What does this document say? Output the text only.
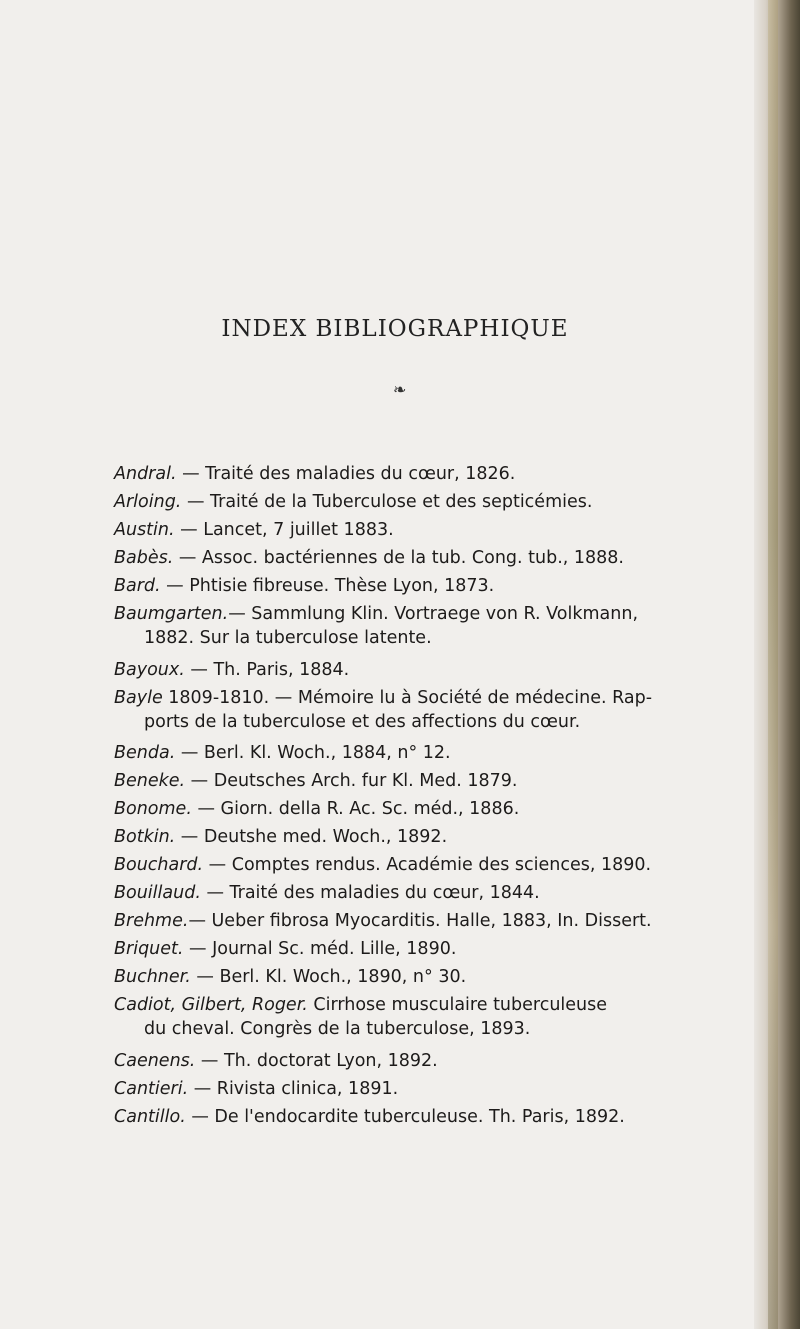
INDEX BIBLIOGRAPHIQUE
❧
Andral. — Traité des maladies du cœur, 1826.
Arloing. — Traité de la Tuberculose et des septicémies.
Austin. — Lancet, 7 juillet 1883.
Babès. — Assoc. bactériennes de la tub. Cong. tub., 1888.
Bard. — Phtisie fibreuse. Thèse Lyon, 1873.
Baumgarten.— Sammlung Klin. Vortraege von R. Volkmann,
1882. Sur la tuberculose latente.
Bayoux. — Th. Paris, 1884.
Bayle 1809-1810. — Mémoire lu à Société de médecine. Rap-
ports de la tuberculose et des affections du cœur.
Benda. — Berl. Kl. Woch., 1884, n° 12.
Beneke. — Deutsches Arch. fur Kl. Med. 1879.
Bonome. — Giorn. della R. Ac. Sc. méd., 1886.
Botkin. — Deutshe med. Woch., 1892.
Bouchard. — Comptes rendus. Académie des sciences, 1890.
Bouillaud. — Traité des maladies du cœur, 1844.
Brehme.— Ueber fibrosa Myocarditis. Halle, 1883, In. Dissert.
Briquet. — Journal Sc. méd. Lille, 1890.
Buchner. — Berl. Kl. Woch., 1890, n° 30.
Cadiot, Gilbert, Roger. Cirrhose musculaire tuberculeuse
du cheval. Congrès de la tuberculose, 1893.
Caenens. — Th. doctorat Lyon, 1892.
Cantieri. — Rivista clinica, 1891.
Cantillo. — De l'endocardite tuberculeuse. Th. Paris, 1892.
